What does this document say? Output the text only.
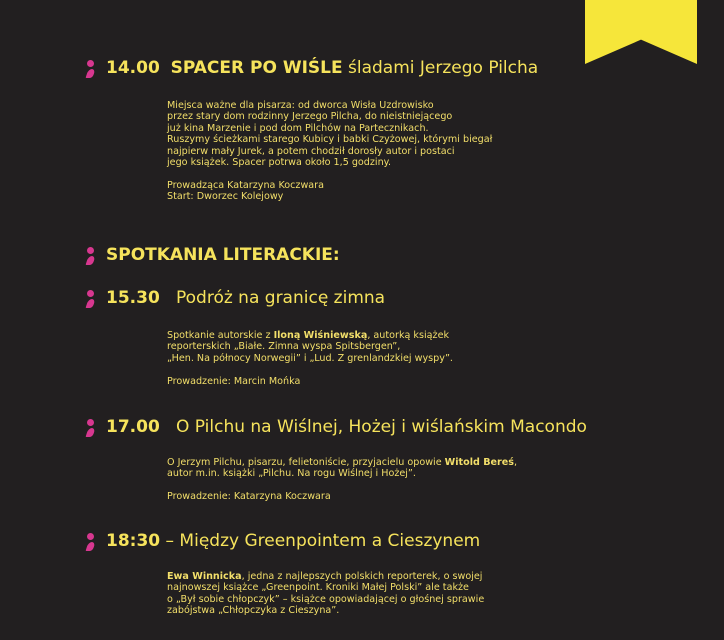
14.00 SPACER PO WIŚLE śladami Jerzego Pilcha

Miejsca ważne dla pisarza: od dworca Wisła Uzdrowisko

przez stary dom rodzinny Jerzego Pilcha, do nieistniejącego

już kina Marzenie i pod dom Pilchów na Partecznikach.

Ruszymy ścieżkami starego Kubicy i babki Czyżowej, którymi biegał

najpierw mały Jurek, a potem chodził dorosły autor i postaci

jego książek. Spacer potrwa około 1,5 godziny.

Prowadząca Katarzyna Koczwara

Start: Dworzec Kolejowy

SPOTKANIA LITERACKIE:
15.30 Podróż na granicę zimna

Spotkanie autorskie z Iloną Wiśniewską, autorką książek

reporterskich „Białe. Zimna wyspa Spitsbergen”,

„Hen. Na północy Norwegii” i „Lud. Z grenlandzkiej wyspy”.

Prowadzenie: Marcin Mońka

17.00 O Pilchu na Wiślnej, Hożej i wiślańskim Macondo

O Jerzym Pilchu, pisarzu, felietoniście, przyjacielu opowie Witold Bereś,

autor m.in. książki „Pilchu. Na rogu Wiślnej i Hożej”.

Prowadzenie: Katarzyna Koczwara

18:30 – Między Greenpointem a Cieszynem

Ewa Winnicka, jedna z najlepszych polskich reporterek, o swojej

najnowszej książce „Greenpoint. Kroniki Małej Polski” ale także

o „Był sobie chłopczyk” – książce opowiadającej o głośnej sprawie

zabójstwa „Chłopczyka z Cieszyna”.
